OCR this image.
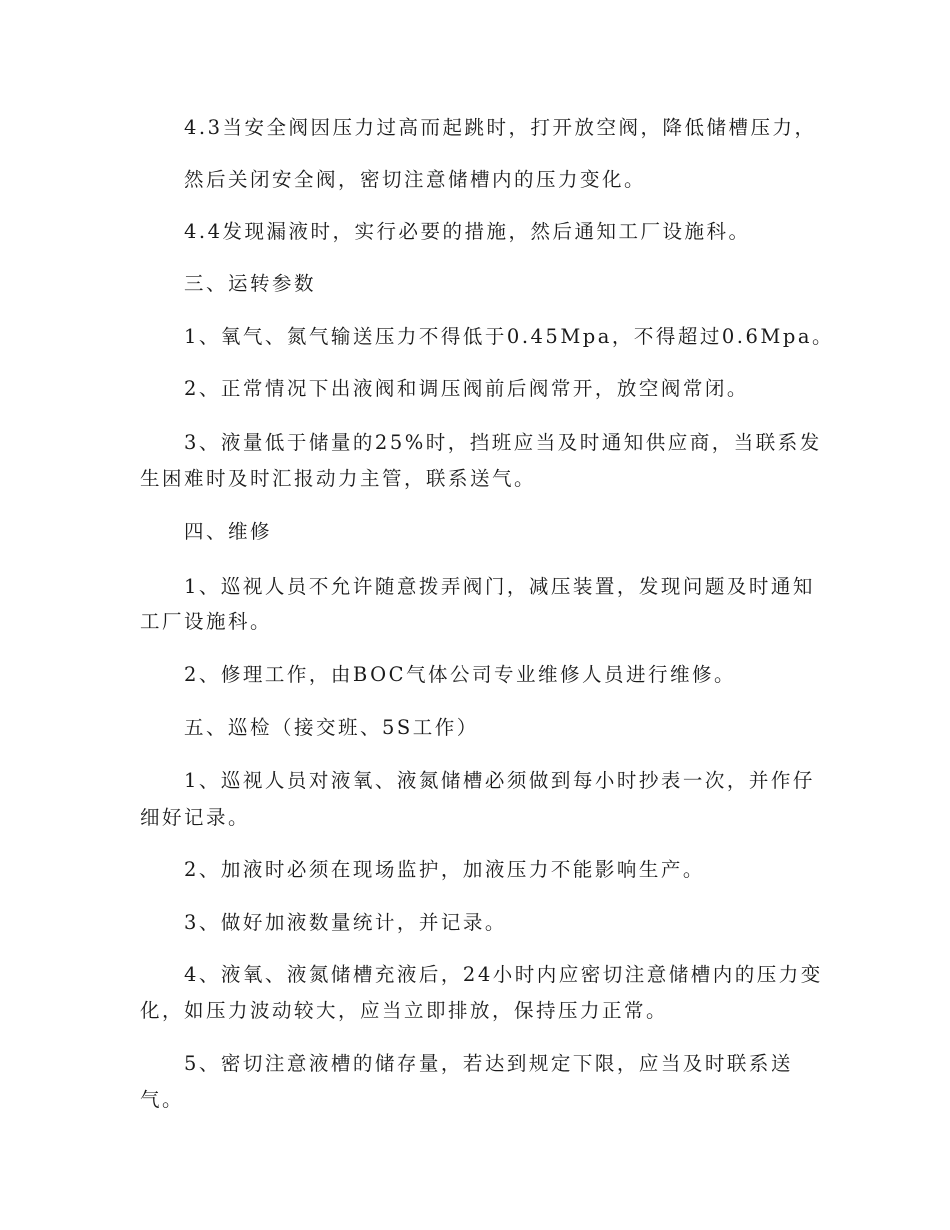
4.3当安全阀因压力过高而起跳时，打开放空阀，降低储槽压力，
然后关闭安全阀，密切注意储槽内的压力变化。
4.4发现漏液时，实行必要的措施，然后通知工厂设施科。
三、运转参数
1、氧气、氮气输送压力不得低于0.45Mpa，不得超过0.6Mpa。
2、正常情况下出液阀和调压阀前后阀常开，放空阀常闭。
3、液量低于储量的25%时，挡班应当及时通知供应商，当联系发
生困难时及时汇报动力主管，联系送气。
四、维修
1、巡视人员不允许随意拨弄阀门，减压装置，发现问题及时通知
工厂设施科。
2、修理工作，由BOC气体公司专业维修人员进行维修。
五、巡检（接交班、5S工作）
1、巡视人员对液氧、液氮储槽必须做到每小时抄表一次，并作仔
细好记录。
2、加液时必须在现场监护，加液压力不能影响生产。
3、做好加液数量统计，并记录。
4、液氧、液氮储槽充液后，24小时内应密切注意储槽内的压力变
化，如压力波动较大，应当立即排放，保持压力正常。
5、密切注意液槽的储存量，若达到规定下限，应当及时联系送
气。
